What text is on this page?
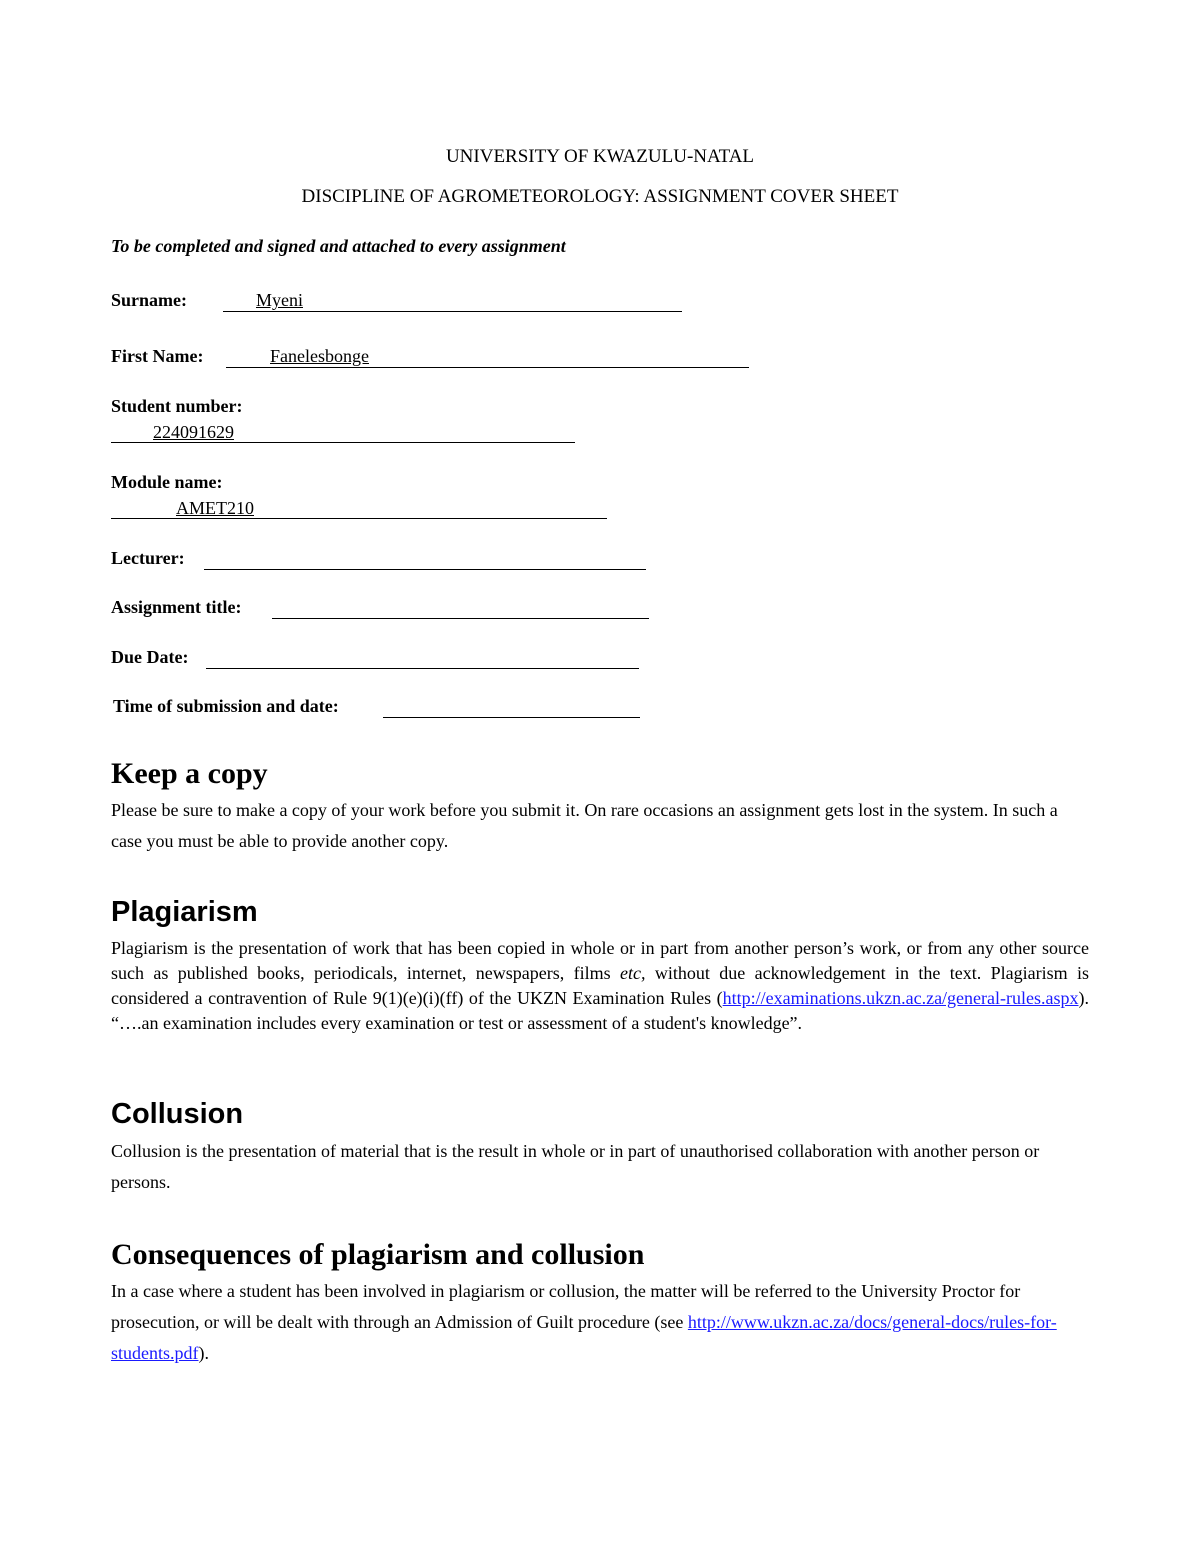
UNIVERSITY OF KWAZULU-NATAL
DISCIPLINE OF AGROMETEOROLOGY: ASSIGNMENT COVER SHEET
To be completed and signed and attached to every assignment
Surname:	Myeni
First Name:	Fanelesbonge
Student number:
224091629
Module name:
AMET210
Lecturer:
Assignment title:
Due Date:
Time of submission and date:
Keep a copy
Please be sure to make a copy of your work before you submit it. On rare occasions an assignment gets lost in the system. In such a case you must be able to provide another copy.
Plagiarism
Plagiarism is the presentation of work that has been copied in whole or in part from another person’s work, or from any other source such as published books, periodicals, internet, newspapers, films etc, without due acknowledgement in the text. Plagiarism is considered a contravention of Rule 9(1)(e)(i)(ff) of the UKZN Examination Rules (http://examinations.ukzn.ac.za/general-rules.aspx). “….an examination includes every examination or test or assessment of a student's knowledge”.
Collusion
Collusion is the presentation of material that is the result in whole or in part of unauthorised collaboration with another person or persons.
Consequences of plagiarism and collusion
In a case where a student has been involved in plagiarism or collusion, the matter will be referred to the University Proctor for prosecution, or will be dealt with through an Admission of Guilt procedure (see http://www.ukzn.ac.za/docs/general-docs/rules-for-students.pdf).
